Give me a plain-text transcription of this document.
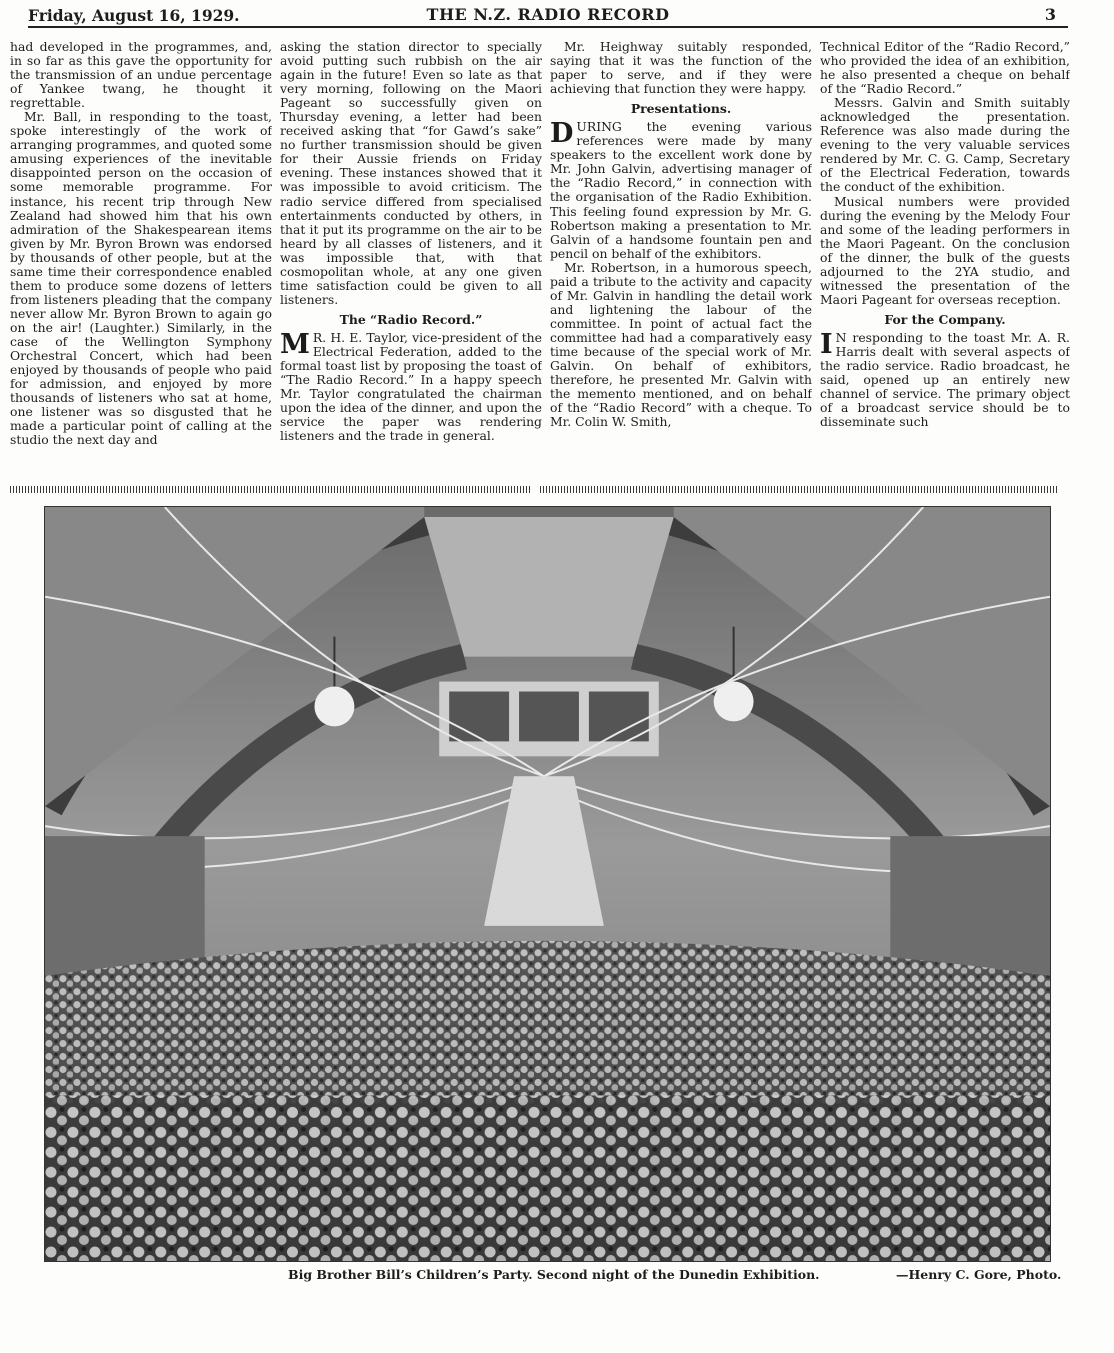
Friday, August 16, 1929.	THE N.Z. RADIO RECORD	3

had developed in the programmes, and, in so far as this gave the opportunity for the transmission of an undue percentage of Yankee twang, he thought it regrettable.

Mr. Ball, in responding to the toast, spoke interestingly of the work of arranging programmes, and quoted some amusing experiences of the inevitable disappointed person on the occasion of some memorable programme. For instance, his recent trip through New Zealand had showed him that his own admiration of the Shakespearean items given by Mr. Byron Brown was endorsed by thousands of other people, but at the same time their correspondence enabled them to produce some dozens of letters from listeners pleading that the company never allow Mr. Byron Brown to again go on the air! (Laughter.) Similarly, in the case of the Wellington Symphony Orchestral Concert, which had been enjoyed by thousands of people who paid for admission, and enjoyed by more thousands of listeners who sat at home, one listener was so disgusted that he made a particular point of calling at the studio the next day and

asking the station director to specially avoid putting such rubbish on the air again in the future! Even so late as that very morning, following on the Maori Pageant so successfully given on Thursday evening, a letter had been received asking that “for Gawd’s sake” no further transmission should be given for their Aussie friends on Friday evening. These instances showed that it was impossible to avoid criticism. The radio service differed from specialised entertainments conducted by others, in that it put its programme on the air to be heard by all classes of listeners, and it was impossible that, with that cosmopolitan whole, at any one given time satisfaction could be given to all listeners.

The “Radio Record.”

M R. H. E. Taylor, vice-president of the Electrical Federation, added to the formal toast list by proposing the toast of “The Radio Record.” In a happy speech Mr. Taylor congratulated the chairman upon the idea of the dinner, and upon the service the paper was rendering listeners and the trade in general.

Mr. Heighway suitably responded, saying that it was the function of the paper to serve, and if they were achieving that function they were happy.

Presentations.

DURING the evening various references were made by many speakers to the excellent work done by Mr. John Galvin, advertising manager of the “Radio Record,” in connection with the organisation of the Radio Exhibition. This feeling found expression by Mr. G. Robertson making a presentation to Mr. Galvin of a handsome fountain pen and pencil on behalf of the exhibitors.

Mr. Robertson, in a humorous speech, paid a tribute to the activity and capacity of Mr. Galvin in handling the detail work and lightening the labour of the committee. In point of actual fact the committee had had a comparatively easy time because of the special work of Mr. Galvin. On behalf of exhibitors, therefore, he presented Mr. Galvin with the memento mentioned, and on behalf of the “Radio Record” with a cheque. To Mr. Colin W. Smith,

Technical Editor of the “Radio Record,” who provided the idea of an exhibition, he also presented a cheque on behalf of the “Radio Record.”

Messrs. Galvin and Smith suitably acknowledged the presentation. Reference was also made during the evening to the very valuable services rendered by Mr. C. G. Camp, Secretary of the Electrical Federation, towards the conduct of the exhibition.

Musical numbers were provided during the evening by the Melody Four and some of the leading performers in the Maori Pageant. On the conclusion of the dinner, the bulk of the guests adjourned to the 2YA studio, and witnessed the presentation of the Maori Pageant for overseas reception.

For the Company.

I N responding to the toast Mr. A. R. Harris dealt with several aspects of the radio service. Radio broadcast, he said, opened up an entirely new channel of service. The primary object of a broadcast service should be to disseminate such

Big Brother Bill’s Children’s Party. Second night of the Dunedin Exhibition.	—Henry C. Gore, Photo.
